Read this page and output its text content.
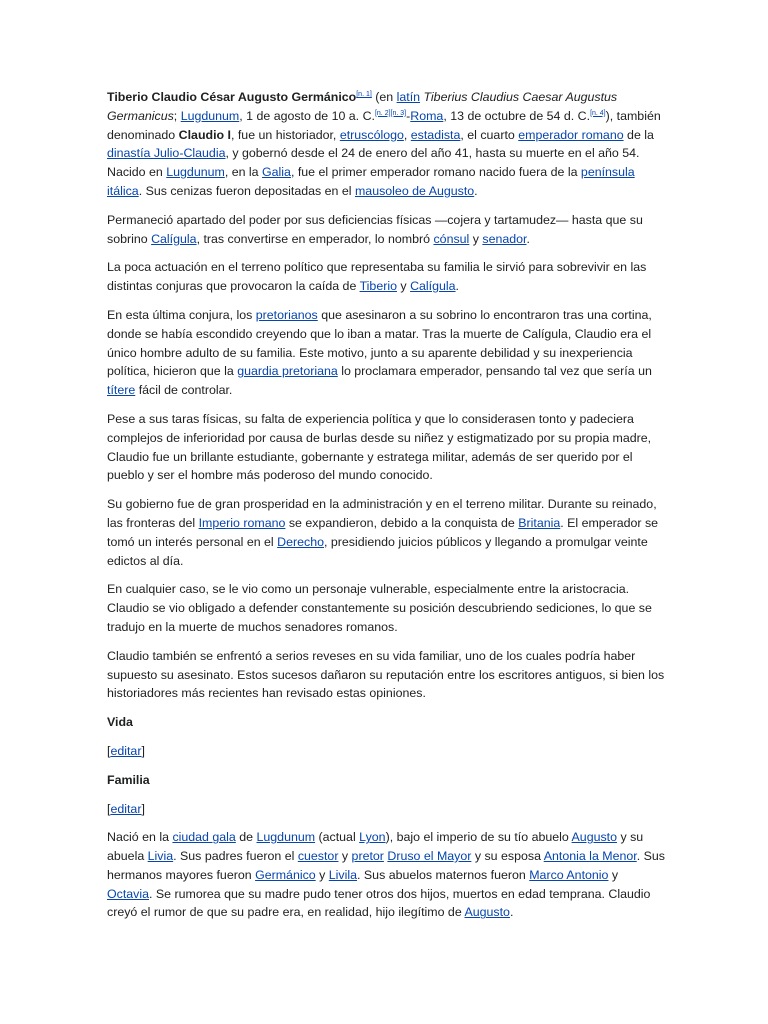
Tiberio Claudio César Augusto Germánico[n. 1] (en latín Tiberius Claudius Caesar Augustus Germanicus; Lugdunum, 1 de agosto de 10 a. C.[n. 2][n. 3]-Roma, 13 de octubre de 54 d. C.[n. 4]), también denominado Claudio I, fue un historiador, etruscólogo, estadista, el cuarto emperador romano de la dinastía Julio-Claudia, y gobernó desde el 24 de enero del año 41, hasta su muerte en el año 54. Nacido en Lugdunum, en la Galia, fue el primer emperador romano nacido fuera de la península itálica. Sus cenizas fueron depositadas en el mausoleo de Augusto.

Permaneció apartado del poder por sus deficiencias físicas —cojera y tartamudez— hasta que su sobrino Calígula, tras convertirse en emperador, lo nombró cónsul y senador.

La poca actuación en el terreno político que representaba su familia le sirvió para sobrevivir en las distintas conjuras que provocaron la caída de Tiberio y Calígula.

En esta última conjura, los pretorianos que asesinaron a su sobrino lo encontraron tras una cortina, donde se había escondido creyendo que lo iban a matar. Tras la muerte de Calígula, Claudio era el único hombre adulto de su familia. Este motivo, junto a su aparente debilidad y su inexperiencia política, hicieron que la guardia pretoriana lo proclamara emperador, pensando tal vez que sería un títere fácil de controlar.

Pese a sus taras físicas, su falta de experiencia política y que lo considerasen tonto y padeciera complejos de inferioridad por causa de burlas desde su niñez y estigmatizado por su propia madre, Claudio fue un brillante estudiante, gobernante y estratega militar, además de ser querido por el pueblo y ser el hombre más poderoso del mundo conocido.

Su gobierno fue de gran prosperidad en la administración y en el terreno militar. Durante su reinado, las fronteras del Imperio romano se expandieron, debido a la conquista de Britania. El emperador se tomó un interés personal en el Derecho, presidiendo juicios públicos y llegando a promulgar veinte edictos al día.

En cualquier caso, se le vio como un personaje vulnerable, especialmente entre la aristocracia. Claudio se vio obligado a defender constantemente su posición descubriendo sediciones, lo que se tradujo en la muerte de muchos senadores romanos.

Claudio también se enfrentó a serios reveses en su vida familiar, uno de los cuales podría haber supuesto su asesinato. Estos sucesos dañaron su reputación entre los escritores antiguos, si bien los historiadores más recientes han revisado estas opiniones.

Vida

[editar]

Familia

[editar]

Nació en la ciudad gala de Lugdunum (actual Lyon), bajo el imperio de su tío abuelo Augusto y su abuela Livia. Sus padres fueron el cuestor y pretor Druso el Mayor y su esposa Antonia la Menor. Sus hermanos mayores fueron Germánico y Livila. Sus abuelos maternos fueron Marco Antonio y Octavia. Se rumorea que su madre pudo tener otros dos hijos, muertos en edad temprana. Claudio creyó el rumor de que su padre era, en realidad, hijo ilegítimo de Augusto.
